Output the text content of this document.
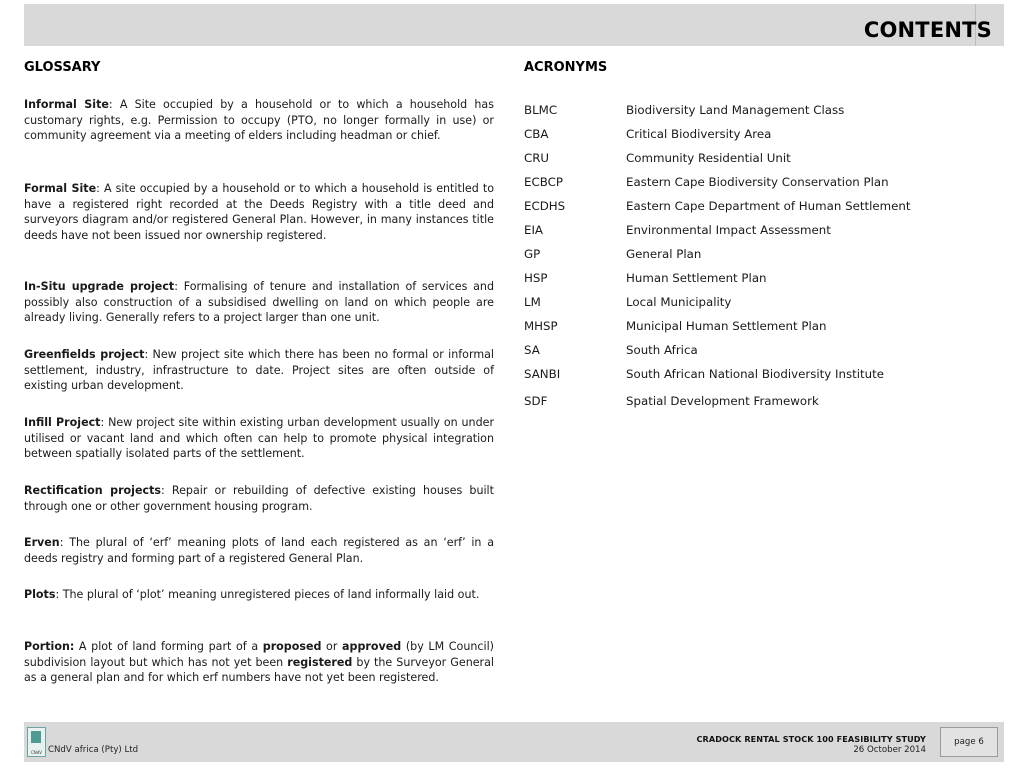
CONTENTS
GLOSSARY	ACRONYMS
Informal Site: A Site occupied by a household or to which a household has customary rights, e.g. Permission to occupy (PTO, no longer formally in use) or community agreement via a meeting of elders including headman or chief.
Formal Site: A site occupied by a household or to which a household is entitled to have a registered right recorded at the Deeds Registry with a title deed and surveyors diagram and/or registered General Plan. However, in many instances title deeds have not been issued nor ownership registered.
In-Situ upgrade project: Formalising of tenure and installation of services and possibly also construction of a subsidised dwelling on land on which people are already living. Generally refers to a project larger than one unit.
Greenfields project: New project site which there has been no formal or informal settlement, industry, infrastructure to date. Project sites are often outside of existing urban development.
Infill Project: New project site within existing urban development usually on under utilised or vacant land and which often can help to promote physical integration between spatially isolated parts of the settlement.
Rectification projects: Repair or rebuilding of defective existing houses built through one or other government housing program.
Erven: The plural of ‘erf’ meaning plots of land each registered as an ‘erf’ in a deeds registry and forming part of a registered General Plan.
Plots: The plural of ‘plot’ meaning unregistered pieces of land informally laid out.
Portion: A plot of land forming part of a proposed or approved (by LM Council) subdivision layout but which has not yet been registered by the Surveyor General as a general plan and for which erf numbers have not yet been registered.
BLMC	Biodiversity Land Management Class
CBA	Critical Biodiversity Area
CRU	Community Residential Unit
ECBCP	Eastern Cape Biodiversity Conservation Plan
ECDHS	Eastern Cape Department of Human Settlement
EIA	Environmental Impact Assessment
GP	General Plan
HSP	Human Settlement Plan
LM	Local Municipality
MHSP	Municipal Human Settlement Plan
SA	South Africa
SANBI	South African National Biodiversity Institute
SDF	Spatial Development Framework
CNdV CNdV africa (Pty) Ltd
CRADOCK RENTAL STOCK 100 FEASIBILITY STUDY
26 October 2014
page 6
